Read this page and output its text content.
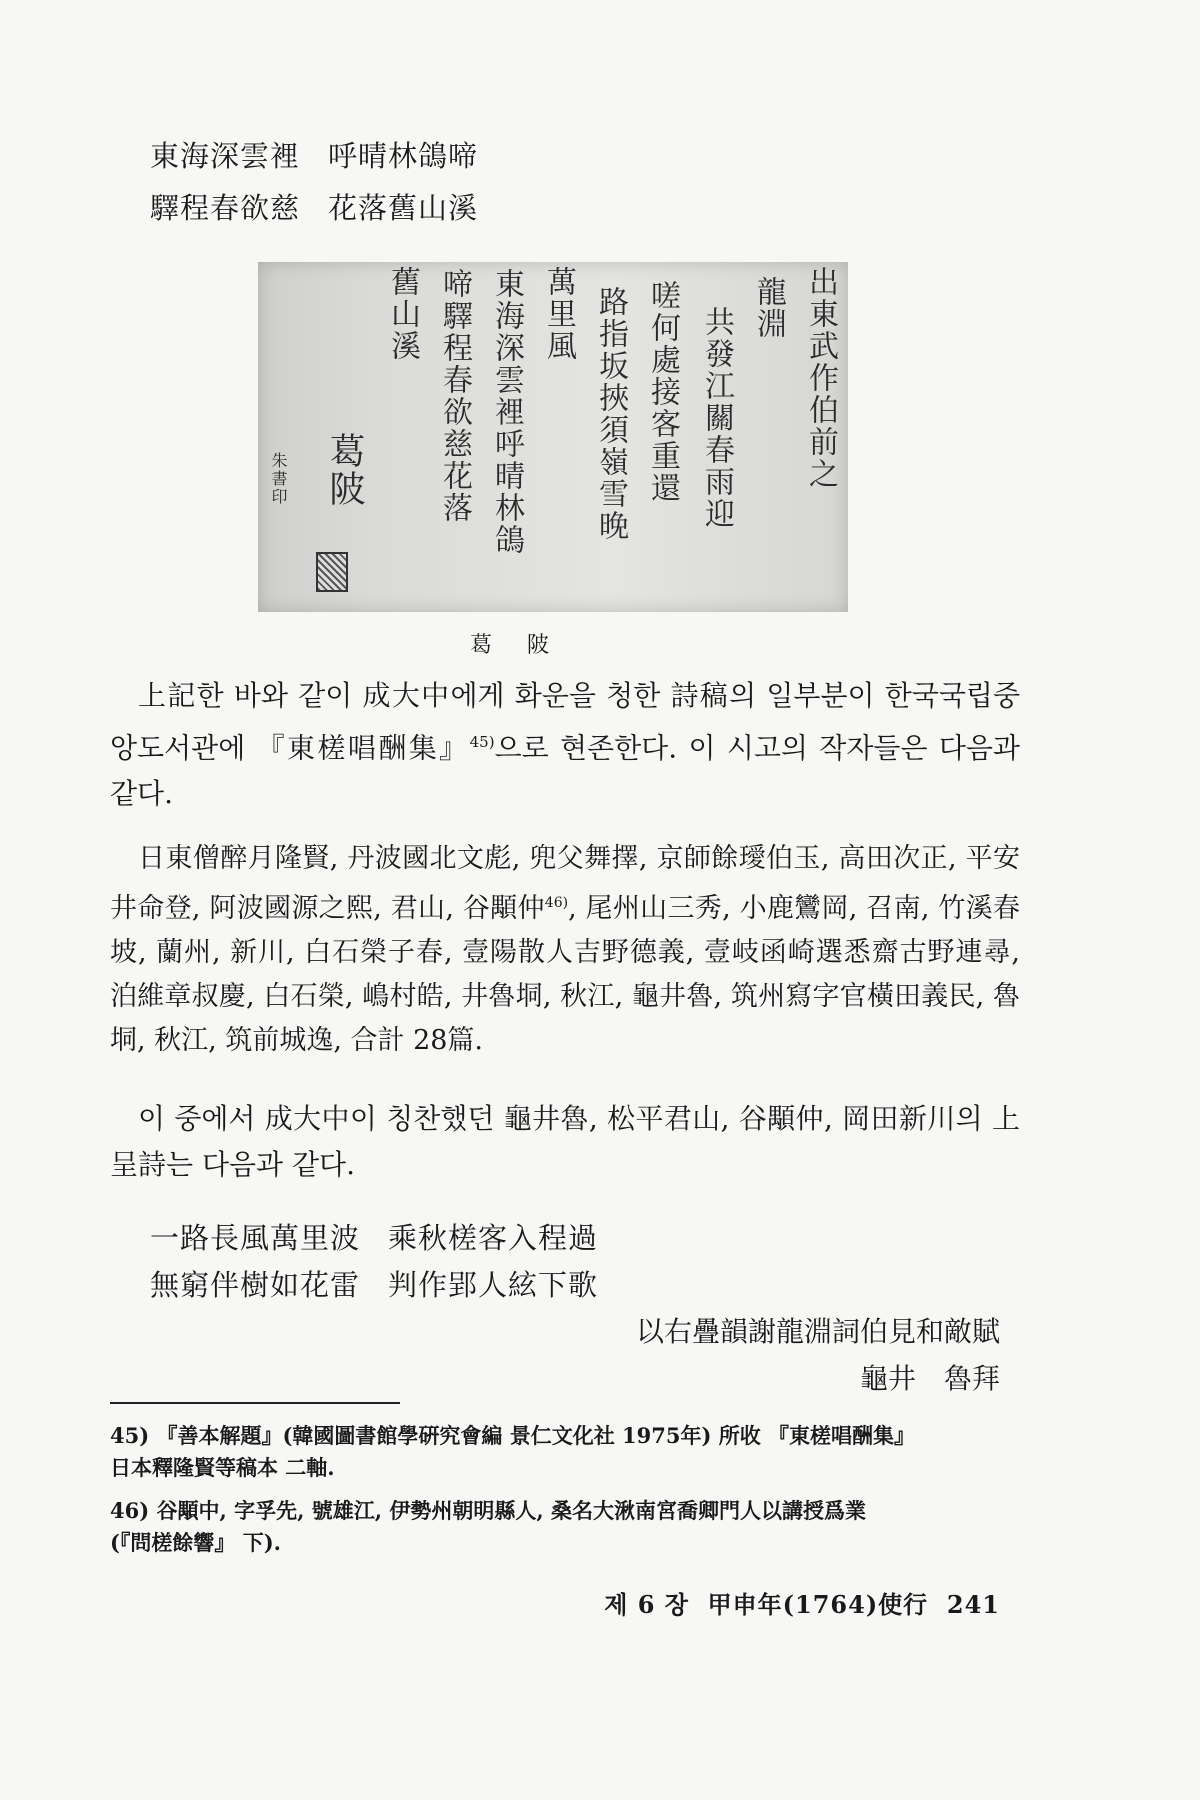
東海深雲裡 呼晴林鴿啼
驛程春欲慈 花落舊山溪
出東武作伯前之
龍淵
共發江關春雨迎
嗟何處接客重還
路指坂挾須嶺雪晚
萬里風
東海深雲裡呼晴林鴿
啼驛程春欲慈花落
舊山溪
葛陂
朱書印
葛 陂
上記한 바와 같이 成大中에게 화운을 청한 詩稿의 일부분이 한국국립중앙도서관에 『東槎唱酬集』$^{45)}$으로 현존한다. 이 시고의 작자들은 다음과 같다.
日東僧醉月隆賢, 丹波國北文彪, 兜父舞擇, 京師餘璦伯玉, 高田次正, 平安井命登, 阿波國源之熙, 君山, 谷顒仲$^{46)}$, 尾州山三秀, 小鹿鸞岡, 召南, 竹溪春坡, 蘭州, 新川, 白石榮子春, 壹陽散人吉野德義, 壹岐函崎選悉齋古野連尋, 泊維章叔慶, 白石榮, 嶋村皓, 井魯垌, 秋江, 龜井魯, 筑州寫字官橫田義民, 魯垌, 秋江, 筑前城逸, 合計 28篇.
이 중에서 成大中이 칭찬했던 龜井魯, 松平君山, 谷顒仲, 岡田新川의 上呈詩는 다음과 같다.
一路長風萬里波 乘秋槎客入程過
無窮伴樹如花雷 判作郢人絃下歌
以右疊韻謝龍淵詞伯見和敵賦
龜井　魯拜
45) 『善本解題』(韓國圖書館學硏究會編 景仁文化社 1975年) 所收 『東槎唱酬集』
日本釋隆賢等稿本 二軸.
46) 谷顒中, 字孚先, 號雄江, 伊勢州朝明縣人, 桑名大湫南宮喬卿門人以講授爲業
(『問槎餘響』 下).
제 6 장  甲申年(1764)使行  241
